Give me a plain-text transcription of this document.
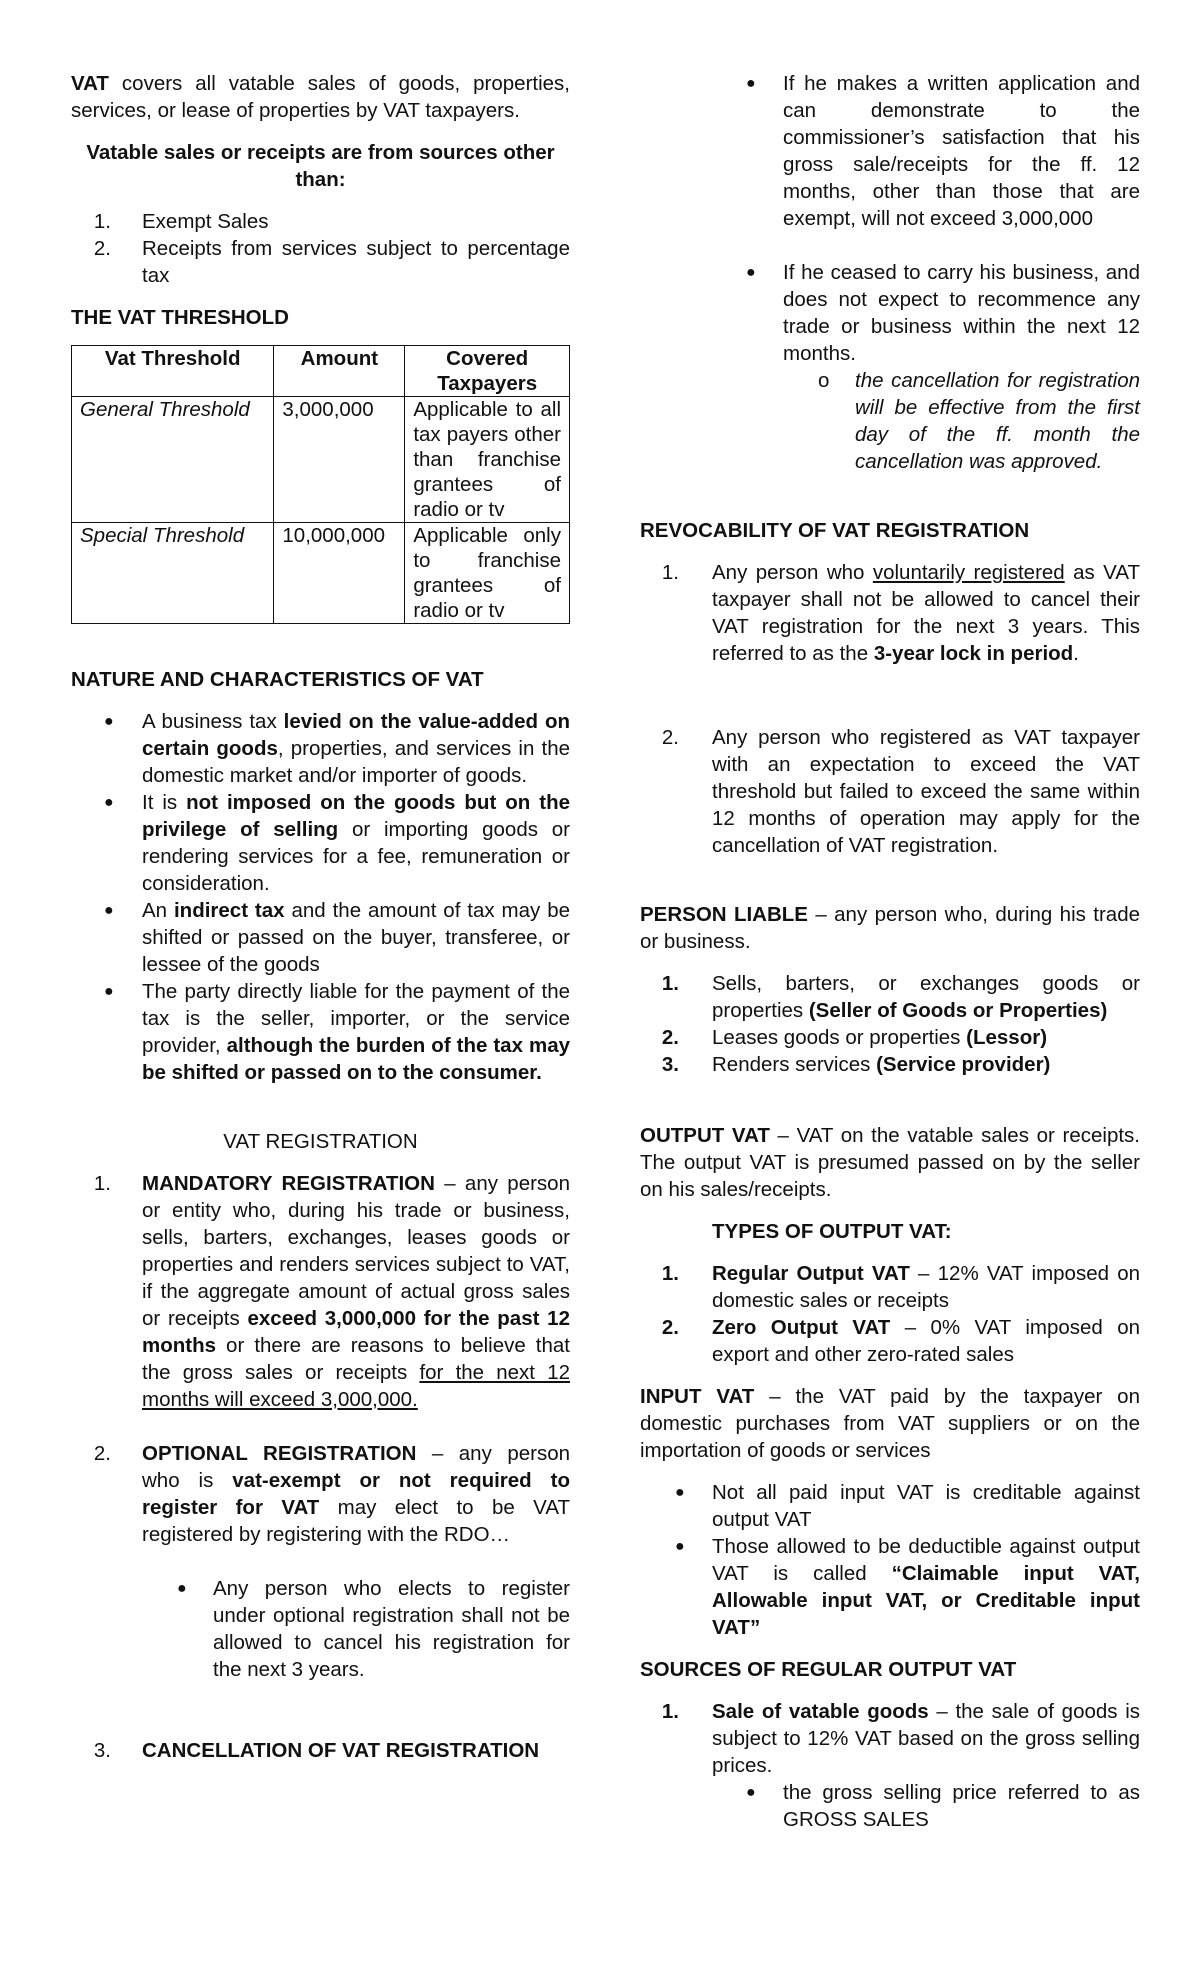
VAT covers all vatable sales of goods, properties, services, or lease of properties by VAT taxpayers.

Vatable sales or receipts are from sources other than:

1. Exempt Sales
2. Receipts from services subject to percentage tax

THE VAT THRESHOLD

Vat Threshold	Amount	Covered Taxpayers
General Threshold	3,000,000	Applicable to all tax payers other than franchise grantees of radio or tv
Special Threshold	10,000,000	Applicable only to franchise grantees of radio or tv

NATURE AND CHARACTERISTICS OF VAT

● A business tax levied on the value-added on certain goods, properties, and services in the domestic market and/or importer of goods.

● It is not imposed on the goods but on the privilege of selling or importing goods or rendering services for a fee, remuneration or consideration.

● An indirect tax and the amount of tax may be shifted or passed on the buyer, transferee, or lessee of the goods

● The party directly liable for the payment of the tax is the seller, importer, or the service provider, although the burden of the tax may be shifted or passed on to the consumer.

VAT REGISTRATION

1. MANDATORY REGISTRATION – any person or entity who, during his trade or business, sells, barters, exchanges, leases goods or properties and renders services subject to VAT, if the aggregate amount of actual gross sales or receipts exceed 3,000,000 for the past 12 months or there are reasons to believe that the gross sales or receipts for the next 12 months will exceed 3,000,000.

2. OPTIONAL REGISTRATION – any person who is vat-exempt or not required to register for VAT may elect to be VAT registered by registering with the RDO…

● Any person who elects to register under optional registration shall not be allowed to cancel his registration for the next 3 years.

3. CANCELLATION OF VAT REGISTRATION
● If he makes a written application and can demonstrate to the commissioner’s satisfaction that his gross sale/receipts for the ff. 12 months, other than those that are exempt, will not exceed 3,000,000

● If he ceased to carry his business, and does not expect to recommence any trade or business within the next 12 months.

o the cancellation for registration will be effective from the first day of the ff. month the cancellation was approved.

REVOCABILITY OF VAT REGISTRATION

1. Any person who voluntarily registered as VAT taxpayer shall not be allowed to cancel their VAT registration for the next 3 years. This referred to as the 3-year lock in period.

2. Any person who registered as VAT taxpayer with an expectation to exceed the VAT threshold but failed to exceed the same within 12 months of operation may apply for the cancellation of VAT registration.

PERSON LIABLE – any person who, during his trade or business.

1. Sells, barters, or exchanges goods or properties (Seller of Goods or Properties)

2. Leases goods or properties (Lessor)

3. Renders services (Service provider)

OUTPUT VAT – VAT on the vatable sales or receipts. The output VAT is presumed passed on by the seller on his sales/receipts.

TYPES OF OUTPUT VAT:

1. Regular Output VAT – 12% VAT imposed on domestic sales or receipts

2. Zero Output VAT – 0% VAT imposed on export and other zero-rated sales

INPUT VAT – the VAT paid by the taxpayer on domestic purchases from VAT suppliers or on the importation of goods or services

● Not all paid input VAT is creditable against output VAT

● Those allowed to be deductible against output VAT is called “Claimable input VAT, Allowable input VAT, or Creditable input VAT”

SOURCES OF REGULAR OUTPUT VAT

1. Sale of vatable goods – the sale of goods is subject to 12% VAT based on the gross selling prices.

● the gross selling price referred to as GROSS SALES
